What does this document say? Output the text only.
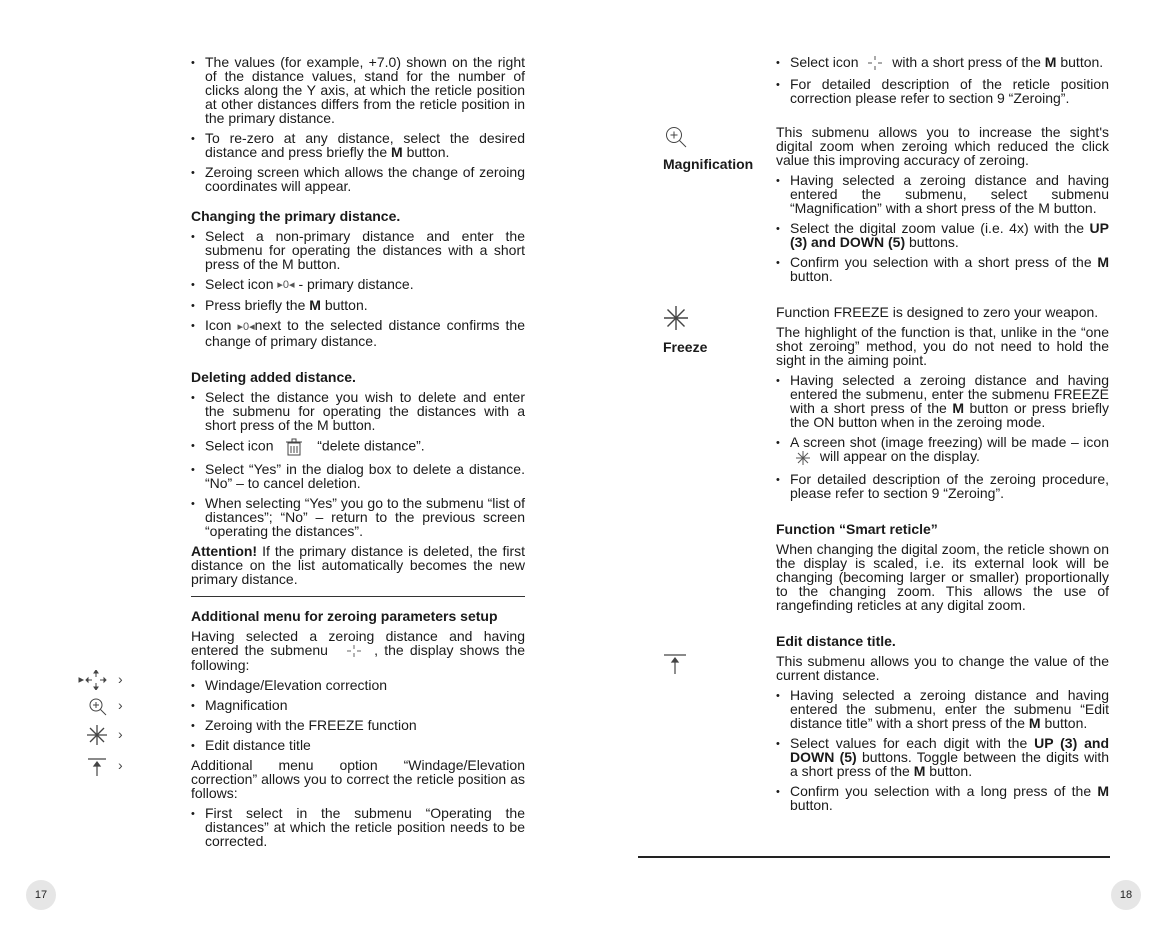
• The values (for example, +7.0) shown on the right of the distance values, stand for the number of clicks along the Y axis, at which the reticle position at other distances differs from the reticle position in the primary distance.
• To re-zero at any distance, select the desired distance and press briefly the M button.
• Zeroing screen which allows the change of zeroing coordinates will appear.
Changing the primary distance.
• Select a non-primary distance and enter the submenu for operating the distances with a short press of the M button.
• Select icon ▸0◂ - primary distance.
• Press briefly the M button.
• Icon ▸0◂next to the selected distance confirms the change of primary distance.
Deleting added distance.
• Select the distance you wish to delete and enter the submenu for operating the distances with a short press of the M button.
• Select icon	“delete distance”.
• Select “Yes” in the dialog box to delete a distance. “No” – to cancel deletion.
• When selecting “Yes” you go to the submenu “list of distances”; “No” – return to the previous screen “operating the distances”.

Attention! If the primary distance is deleted, the first distance on the list automatically becomes the new primary distance.

Additional menu for zeroing parameters setup

Having selected a zeroing distance and having entered the submenu	, the display shows the following:

• Windage/Elevation correction
• Magnification
• Zeroing with the FREEZE function
• Edit distance title

Additional menu option “Windage/Elevation correction” allows you to correct the reticle position as follows:

• First select in the submenu “Operating the distances” at which the reticle position needs to be corrected.
›
›
›
›
• Select icon with a short press of the M button.
• For detailed description of the reticle position correction please refer to section 9 “Zeroing”.

This submenu allows you to increase the sight's digital zoom when zeroing which reduced the click value this improving accuracy of zeroing.

• Having selected a zeroing distance and having entered the submenu, select submenu “Magnification” with a short press of the M button.
• Select the digital zoom value (i.e. 4x) with the UP (3) and DOWN (5) buttons.
• Confirm you selection with a short press of the M button.

Function FREEZE is designed to zero your weapon.

The highlight of the function is that, unlike in the “one shot zeroing” method, you do not need to hold the sight in the aiming point.

• Having selected a zeroing distance and having entered the submenu, enter the submenu FREEZE with a short press of the M button or press briefly the ON button when in the zeroing mode.
• A screen shot (image freezing) will be made – icon  will appear on the display.
• For detailed description of the zeroing procedure, please refer to section 9 “Zeroing”.
Function “Smart reticle”

When changing the digital zoom, the reticle shown on the display is scaled, i.e. its external look will be changing (becoming larger or smaller) proportionally to the changing zoom. This allows the use of rangefinding reticles at any digital zoom.

Edit distance title.

This submenu allows you to change the value of the current distance.

• Having selected a zeroing distance and having entered the submenu, enter the submenu “Edit distance title” with a short press of the M button.
• Select values for each digit with the UP (3) and DOWN (5) buttons. Toggle between the digits with a short press of the M button.
• Confirm you selection with a long press of the M button.
Magnification
Freeze
17	18
